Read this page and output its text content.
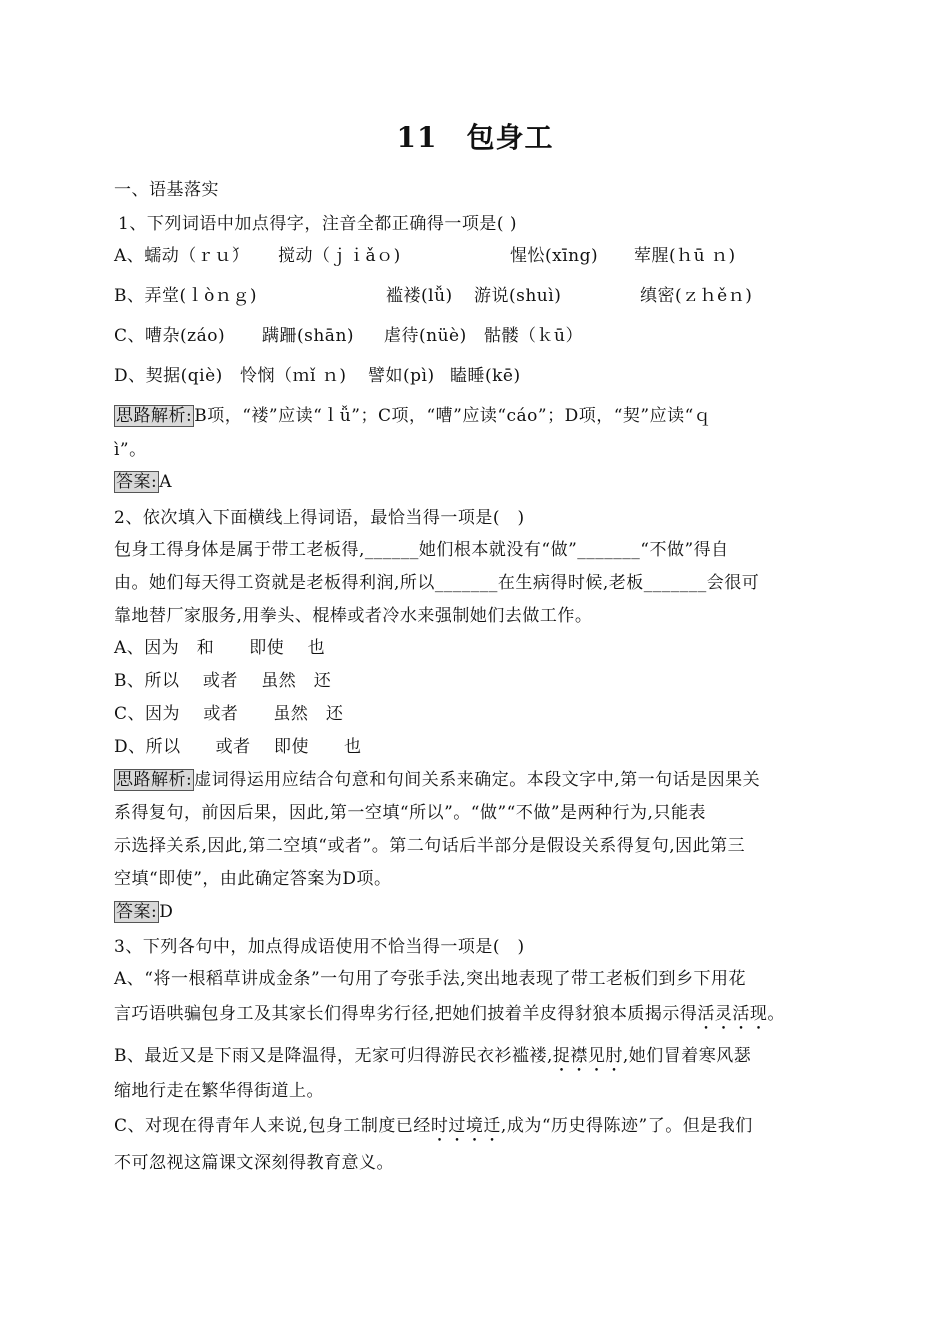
11　包身工
一、语基落实
1、下列词语中加点得字，注音全都正确得一项是( )
A、蠕动（ｒｕ́） 搅动（ｊｉǎｏ)	惺忪(xīng) 荤腥(ｈū ｎ)
B、弄堂(ｌòｎｇ)	褴褛(lǚ) 游说(shuì)	缜密(ｚｈěｎ)
C、嘈杂(záo) 蹒跚(shān) 虐待(nüè) 骷髅（ｋū）
D、契据(qiè) 怜悯（ｍǐ ｎ) 譬如(pì) 瞌睡(kē)
思路解析: B项，“褛”应读“ｌǚ”；C项，“嘈”应读“cáo”；D项，“契”应读“ｑ
ì”。
答案: A
2、依次填入下面横线上得词语，最恰当得一项是(　)
包身工得身体是属于带工老板得,______她们根本就没有“做”_______“不做”得自
由。她们每天得工资就是老板得利润,所以_______在生病得时候,老板_______会很可
靠地替厂家服务,用拳头、棍棒或者冷水来强制她们去做工作。
A、因为　和　　即使　 也
B、所以　 或者　 虽然　还
C、因为　 或者　　虽然　还
D、所以　　或者　 即使　　也
思路解析: 虚词得运用应结合句意和句间关系来确定。本段文字中,第一句话是因果关
系得复句，前因后果，因此,第一空填“所以”。“做”“不做”是两种行为,只能表
示选择关系,因此,第二空填“或者”。第二句话后半部分是假设关系得复句,因此第三
空填“即使”，由此确定答案为D项。
答案: D
3、下列各句中，加点得成语使用不恰当得一项是(　)
A、“将一根稻草讲成金条”一句用了夸张手法,突出地表现了带工老板们到乡下用花
言巧语哄骗包身工及其家长们得卑劣行径,把她们披着羊皮得豺狼本质揭示得活灵活现。
B、最近又是下雨又是降温得，无家可归得游民衣衫褴褛,捉襟见肘,她们冒着寒风瑟
缩地行走在繁华得街道上。
C、对现在得青年人来说,包身工制度已经时过境迁,成为“历史得陈迹”了。但是我们
不可忽视这篇课文深刻得教育意义。
